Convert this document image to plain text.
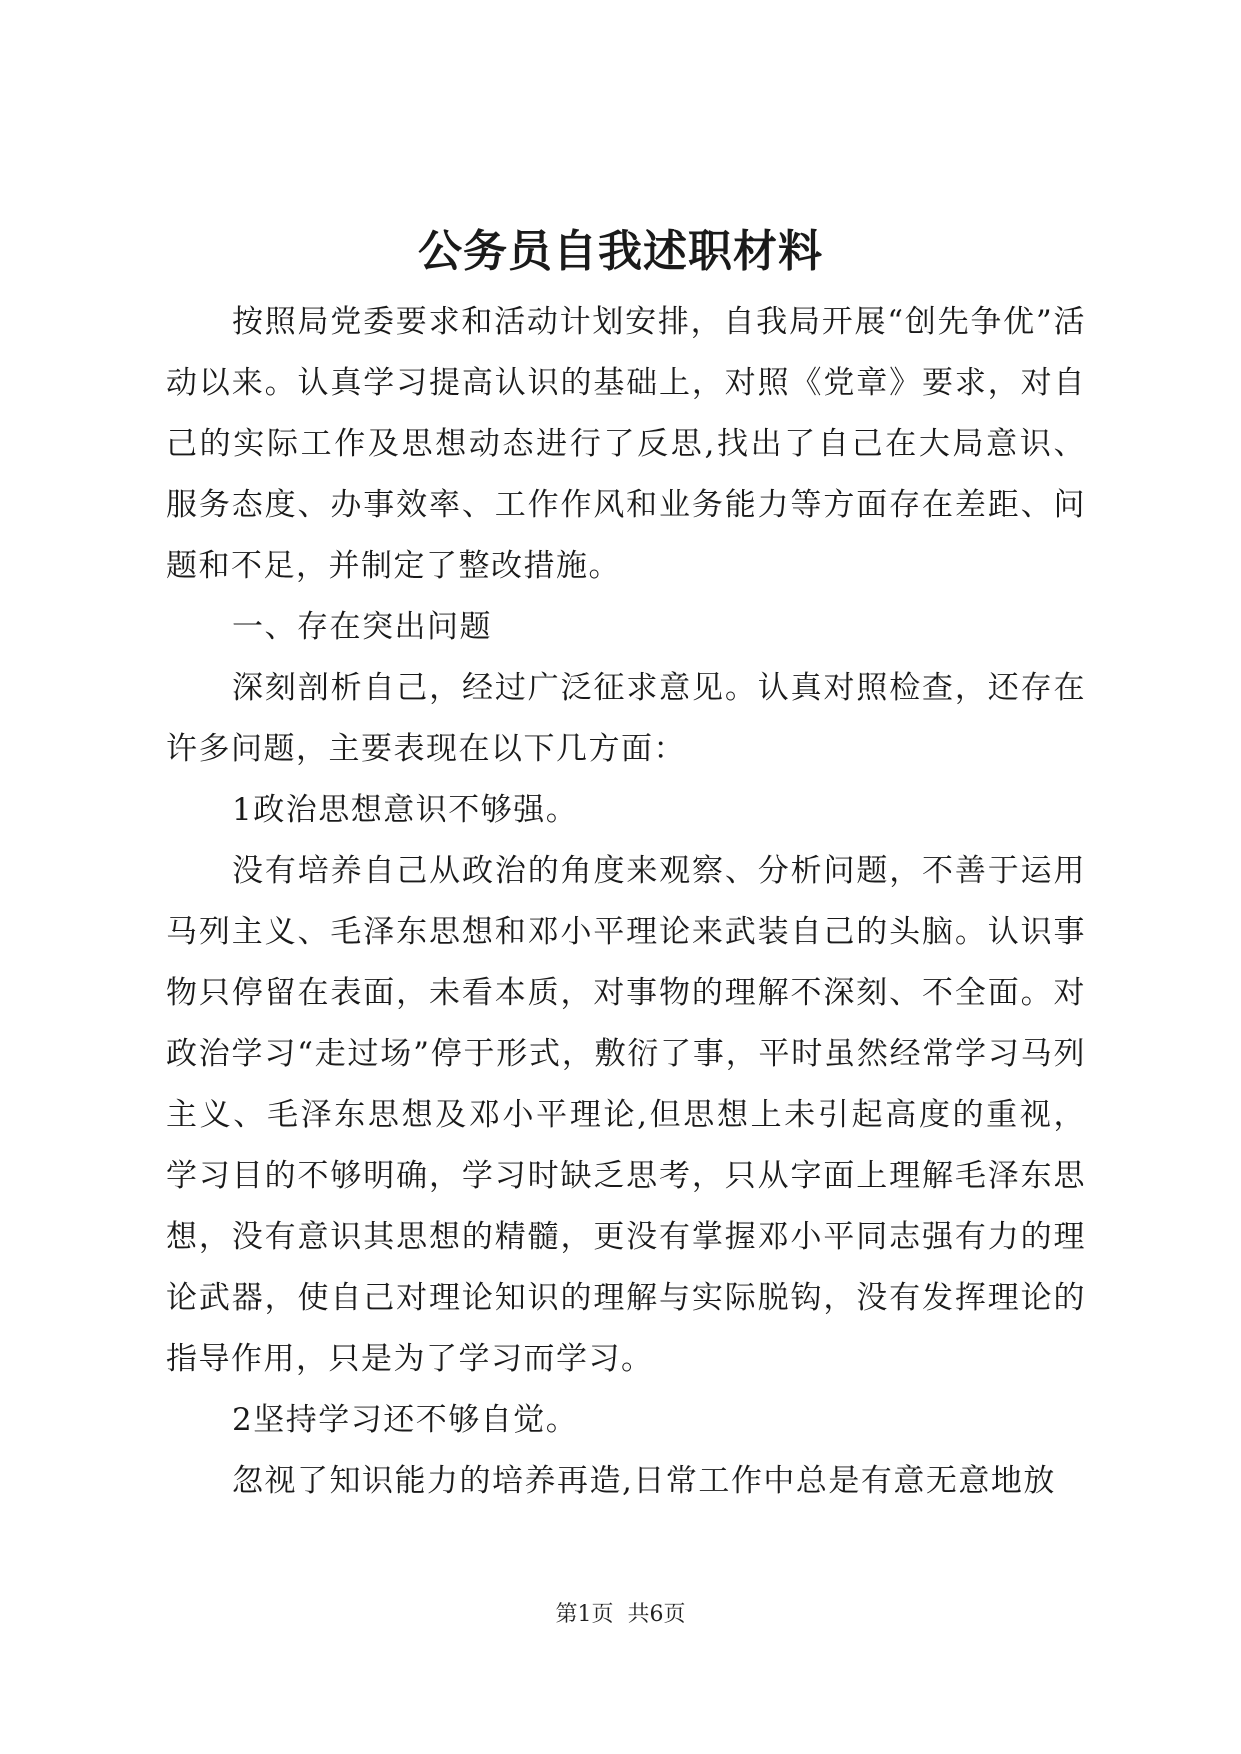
公务员自我述职材料

按照局党委要求和活动计划安排，自我局开展“创先争优”活动以来。认真学习提高认识的基础上，对照《党章》要求，对自己的实际工作及思想动态进行了反思,找出了自己在大局意识、服务态度、办事效率、工作作风和业务能力等方面存在差距、问题和不足，并制定了整改措施。

一、存在突出问题

深刻剖析自己，经过广泛征求意见。认真对照检查，还存在许多问题，主要表现在以下几方面：

1政治思想意识不够强。

没有培养自己从政治的角度来观察、分析问题，不善于运用马列主义、毛泽东思想和邓小平理论来武装自己的头脑。认识事物只停留在表面，未看本质，对事物的理解不深刻、不全面。对政治学习“走过场”停于形式，敷衍了事，平时虽然经常学习马列主义、毛泽东思想及邓小平理论,但思想上未引起高度的重视，学习目的不够明确，学习时缺乏思考，只从字面上理解毛泽东思想，没有意识其思想的精髓，更没有掌握邓小平同志强有力的理论武器，使自己对理论知识的理解与实际脱钩，没有发挥理论的指导作用，只是为了学习而学习。

2坚持学习还不够自觉。

忽视了知识能力的培养再造,日常工作中总是有意无意地放

第1页 共6页
